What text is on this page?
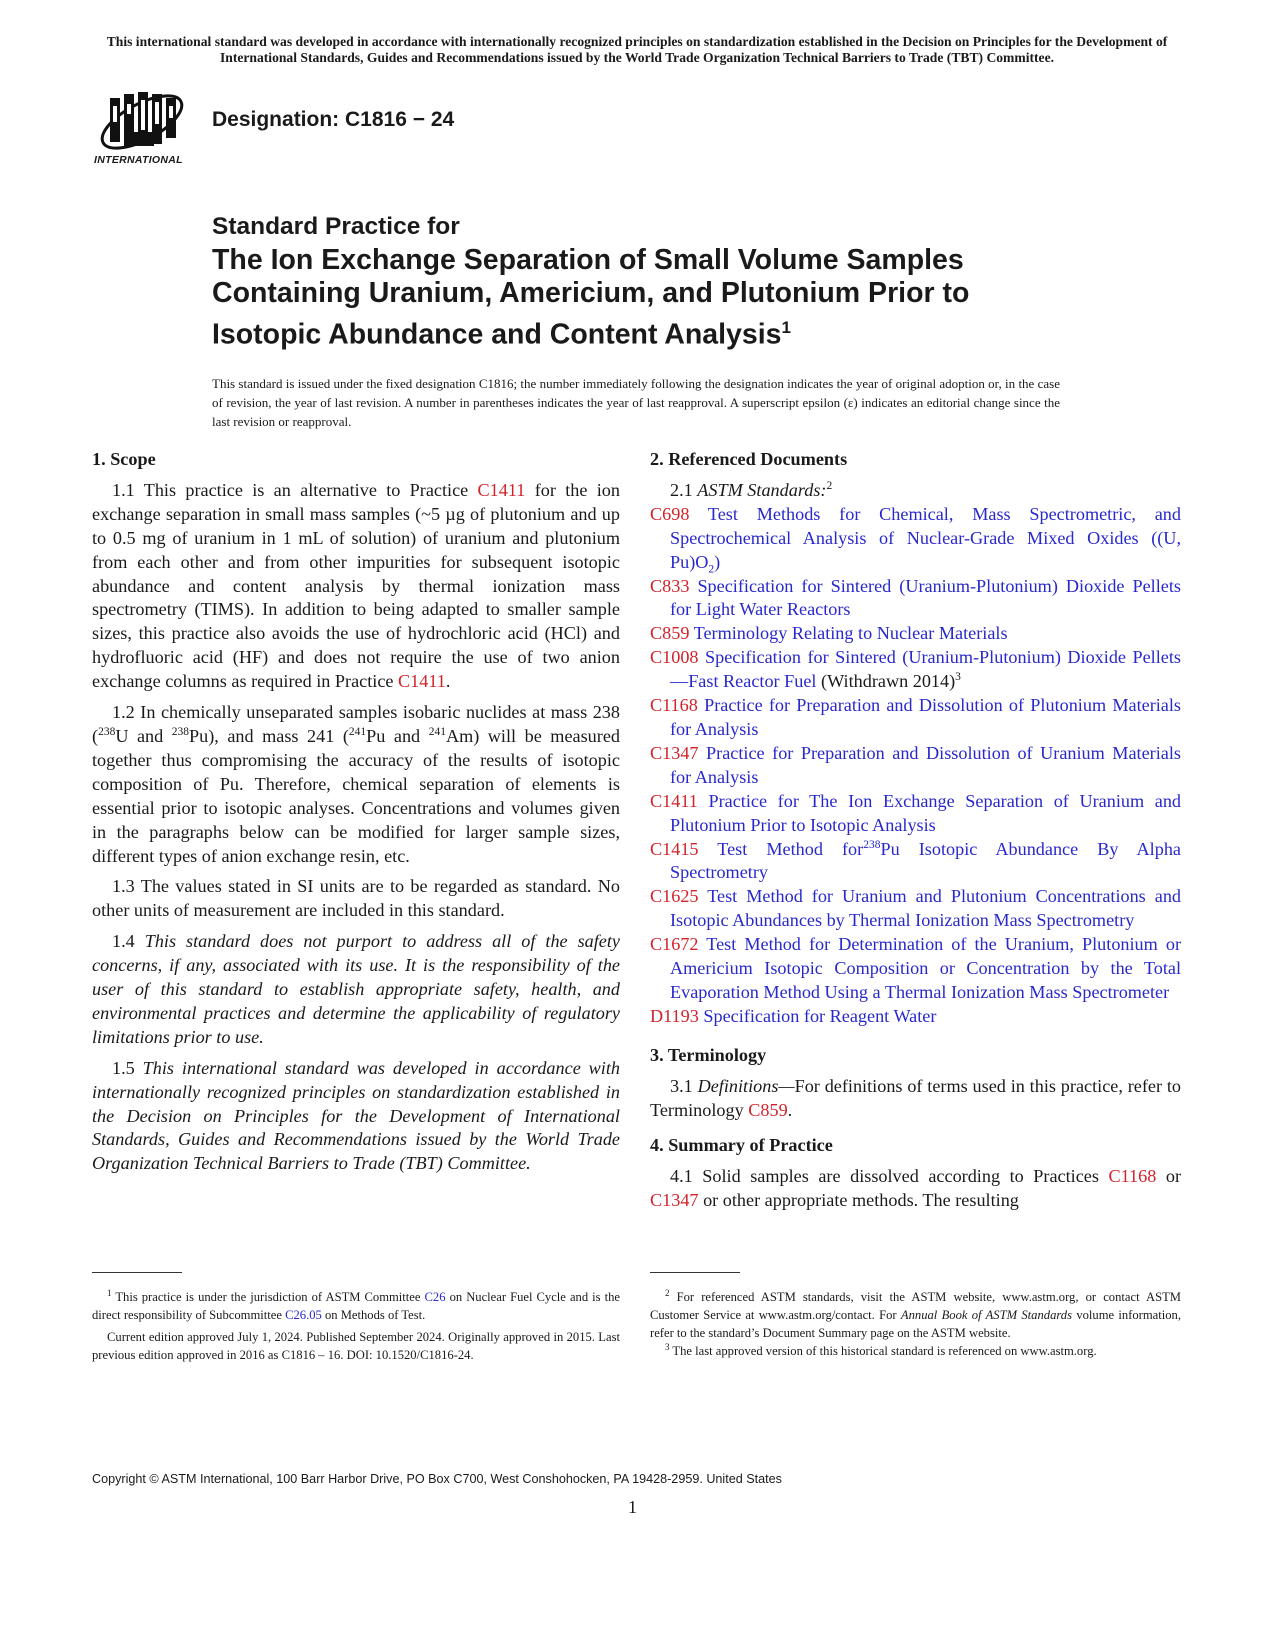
This international standard was developed in accordance with internationally recognized principles on standardization established in the Decision on Principles for the Development of International Standards, Guides and Recommendations issued by the World Trade Organization Technical Barriers to Trade (TBT) Committee.
INTERNATIONAL
Designation: C1816 − 24
Standard Practice for
The Ion Exchange Separation of Small Volume Samples
Containing Uranium, Americium, and Plutonium Prior to
Isotopic Abundance and Content Analysis$^1$
This standard is issued under the fixed designation C1816; the number immediately following the designation indicates the year of original adoption or, in the case of revision, the year of last revision. A number in parentheses indicates the year of last reapproval. A superscript epsilon (ε) indicates an editorial change since the last revision or reapproval.
1. Scope

1.1 This practice is an alternative to Practice C1411 for the ion exchange separation in small mass samples (~5 µg of plutonium and up to 0.5 mg of uranium in 1 mL of solution) of uranium and plutonium from each other and from other impurities for subsequent isotopic abundance and content analysis by thermal ionization mass spectrometry (TIMS). In addition to being adapted to smaller sample sizes, this practice also avoids the use of hydrochloric acid (HCl) and hydrofluoric acid (HF) and does not require the use of two anion exchange columns as required in Practice C1411.

1.2 In chemically unseparated samples isobaric nuclides at mass 238 ($^{238}$U and $^{238}$Pu), and mass 241 ($^{241}$Pu and $^{241}$Am) will be measured together thus compromising the accuracy of the results of isotopic composition of Pu. Therefore, chemical separation of elements is essential prior to isotopic analyses. Concentrations and volumes given in the paragraphs below can be modified for larger sample sizes, different types of anion exchange resin, etc.

1.3 The values stated in SI units are to be regarded as standard. No other units of measurement are included in this standard.

1.4 This standard does not purport to address all of the safety concerns, if any, associated with its use. It is the responsibility of the user of this standard to establish appropriate safety, health, and environmental practices and determine the applicability of regulatory limitations prior to use.

1.5 This international standard was developed in accordance with internationally recognized principles on standardization established in the Decision on Principles for the Development of International Standards, Guides and Recommendations issued by the World Trade Organization Technical Barriers to Trade (TBT) Committee.

2. Referenced Documents
2.1 ASTM Standards:$^2$
C698 Test Methods for Chemical, Mass Spectrometric, and Spectrochemical Analysis of Nuclear-Grade Mixed Oxides ((U, $Pu)O_2$)
C833 Specification for Sintered (Uranium-Plutonium) Dioxide Pellets for Light Water Reactors
C859 Terminology Relating to Nuclear Materials
C1008 Specification for Sintered (Uranium-Plutonium) Dioxide Pellets—Fast Reactor Fuel (Withdrawn 2014)$^3$
C1168 Practice for Preparation and Dissolution of Plutonium Materials for Analysis
C1347 Practice for Preparation and Dissolution of Uranium Materials for Analysis
C1411 Practice for The Ion Exchange Separation of Uranium and Plutonium Prior to Isotopic Analysis
C1415 Test Method for$^{238}$Pu Isotopic Abundance By Alpha Spectrometry
C1625 Test Method for Uranium and Plutonium Concentrations and Isotopic Abundances by Thermal Ionization Mass Spectrometry
C1672 Test Method for Determination of the Uranium, Plutonium or Americium Isotopic Composition or Concentration by the Total Evaporation Method Using a Thermal Ionization Mass Spectrometer
D1193 Specification for Reagent Water
3. Terminology

3.1 Definitions—For definitions of terms used in this practice, refer to Terminology C859.

4. Summary of Practice

4.1 Solid samples are dissolved according to Practices C1168 or C1347 or other appropriate methods. The resulting

$^1$ This practice is under the jurisdiction of ASTM Committee C26 on Nuclear Fuel Cycle and is the direct responsibility of Subcommittee C26.05 on Methods of Test.

Current edition approved July 1, 2024. Published September 2024. Originally approved in 2015. Last previous edition approved in 2016 as C1816 – 16. DOI: 10.1520/C1816-24.

$^2$ For referenced ASTM standards, visit the ASTM website, www.astm.org, or contact ASTM Customer Service at www.astm.org/contact. For Annual Book of ASTM Standards volume information, refer to the standard’s Document Summary page on the ASTM website.

$^3$ The last approved version of this historical standard is referenced on www.astm.org.

Copyright © ASTM International, 100 Barr Harbor Drive, PO Box C700, West Conshohocken, PA 19428-2959. United States
1
